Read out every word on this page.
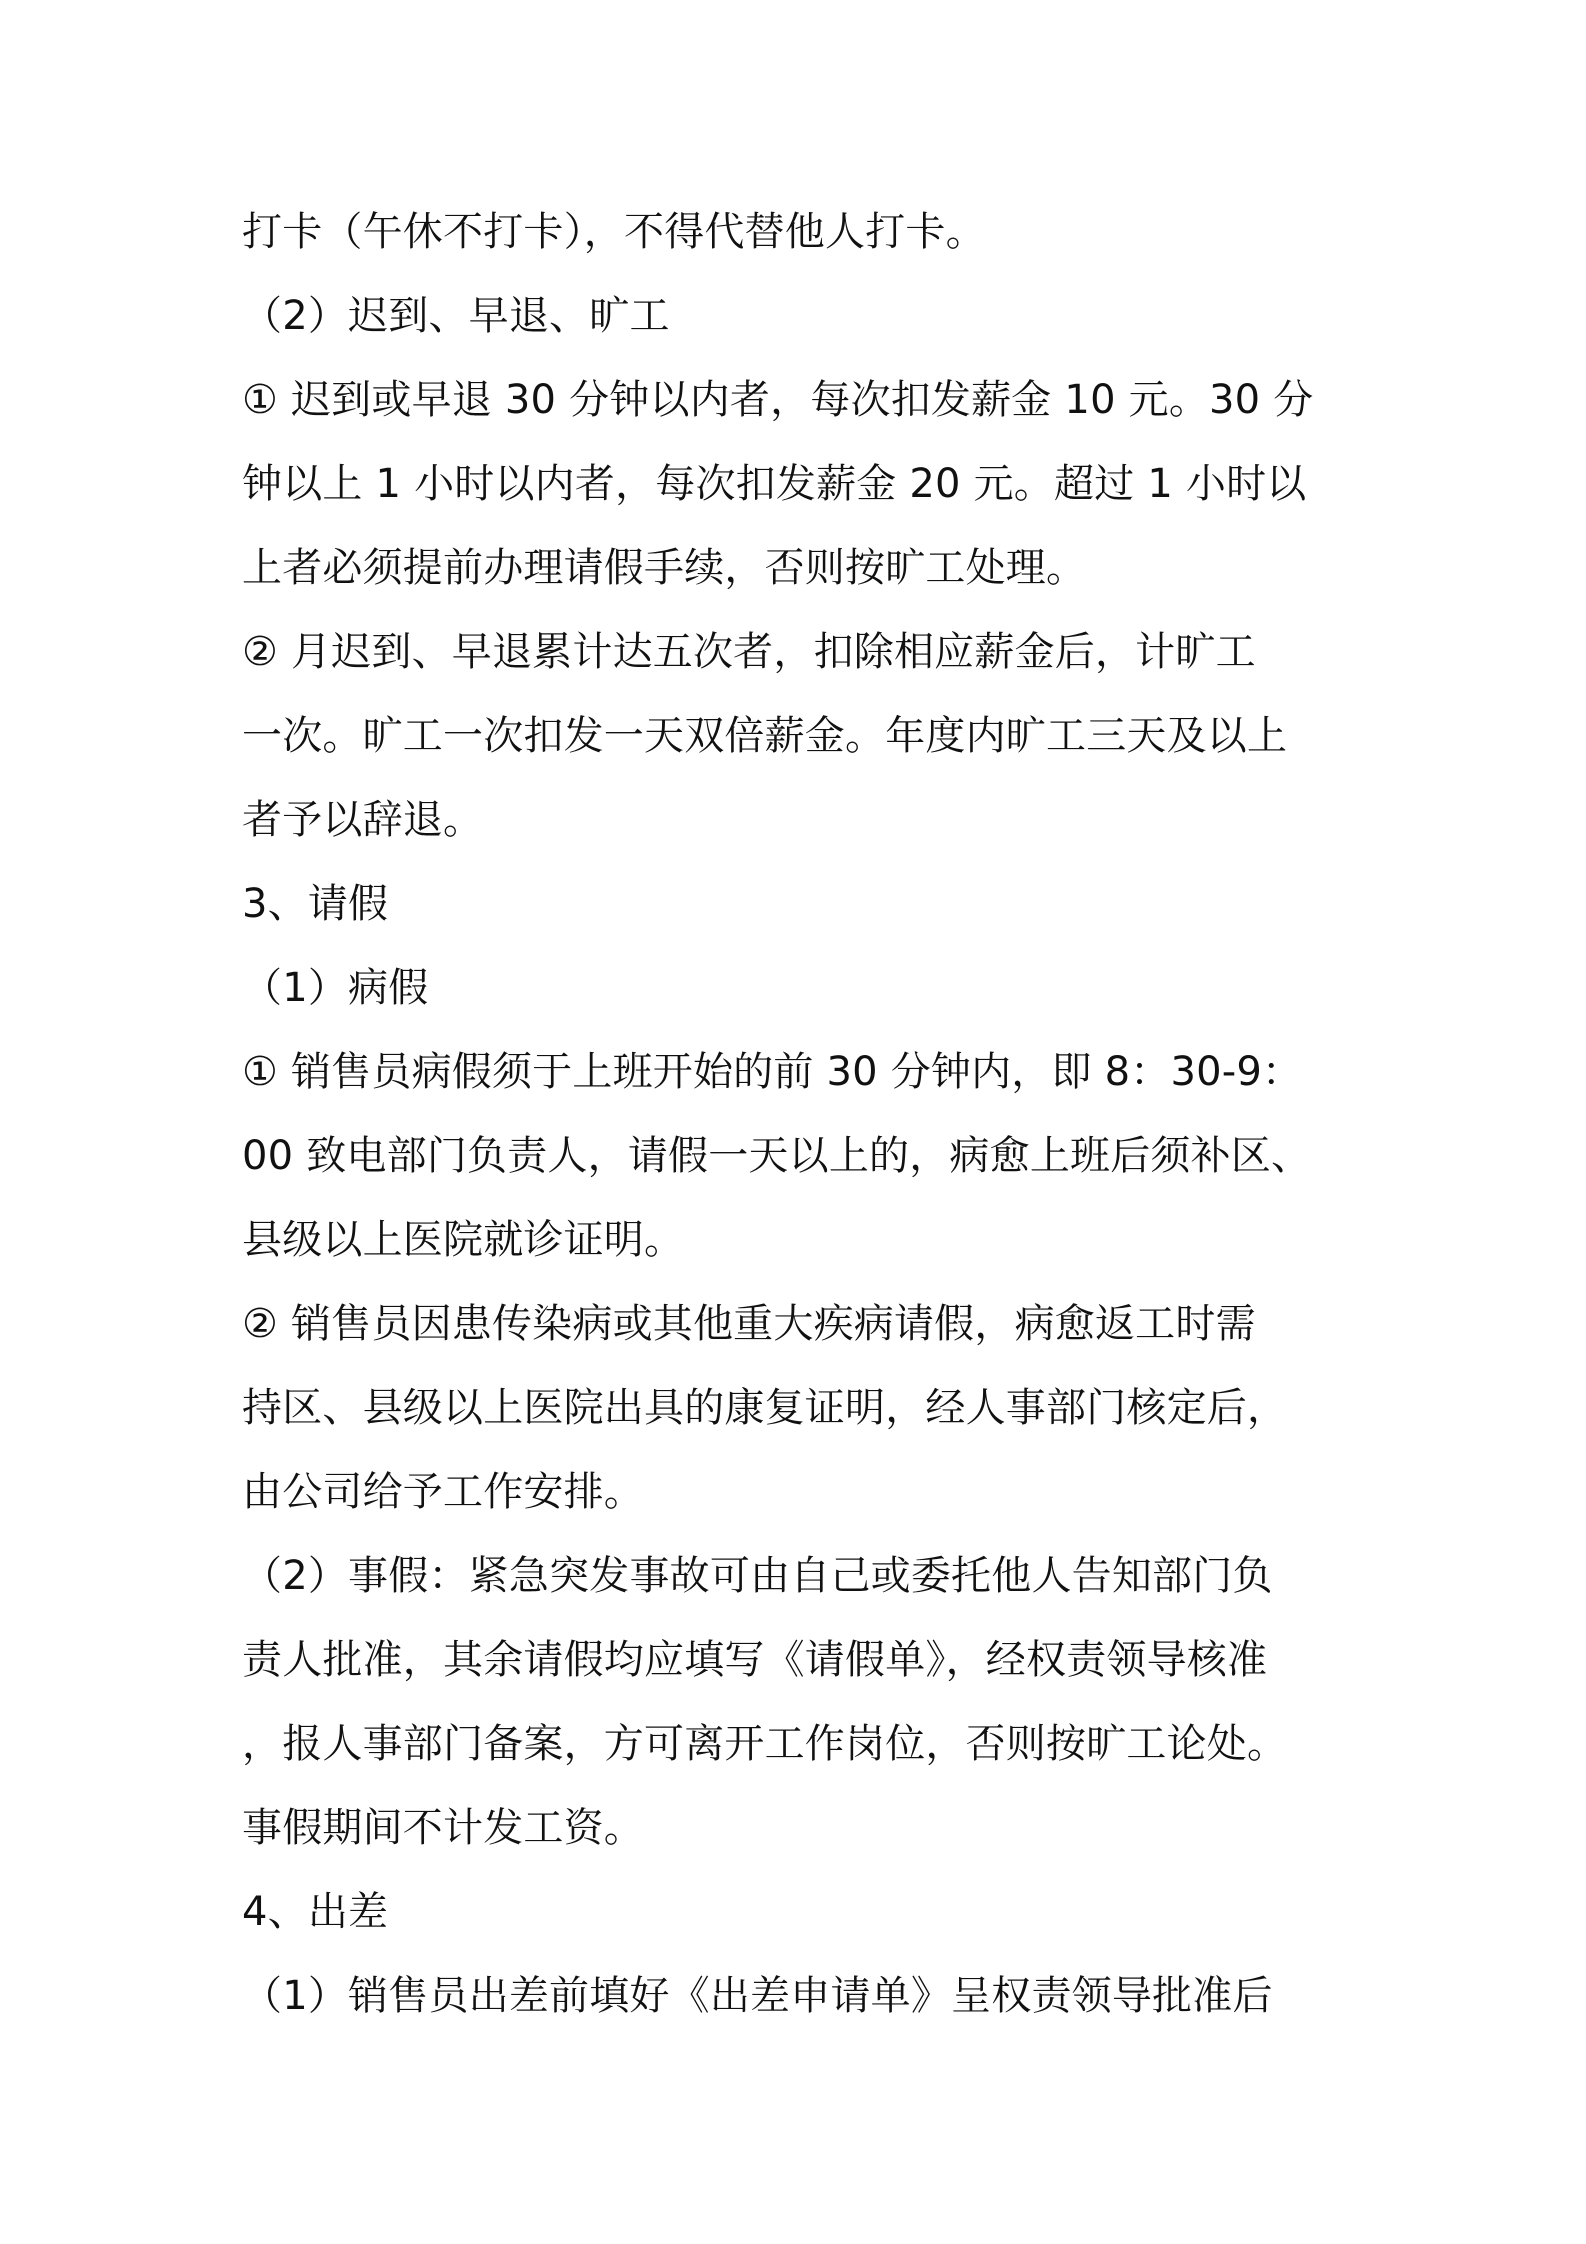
打卡（午休不打卡），不得代替他人打卡。
（2）迟到、早退、旷工
① 迟到或早退 30 分钟以内者，每次扣发薪金 10 元。30 分
钟以上 1 小时以内者，每次扣发薪金 20 元。超过 1 小时以
上者必须提前办理请假手续，否则按旷工处理。
② 月迟到、早退累计达五次者，扣除相应薪金后，计旷工
一次。旷工一次扣发一天双倍薪金。年度内旷工三天及以上
者予以辞退。
3、请假
（1）病假
① 销售员病假须于上班开始的前 30 分钟内，即 8：30-9：
00 致电部门负责人，请假一天以上的，病愈上班后须补区、
县级以上医院就诊证明。
② 销售员因患传染病或其他重大疾病请假，病愈返工时需
持区、县级以上医院出具的康复证明，经人事部门核定后，
由公司给予工作安排。
（2）事假：紧急突发事故可由自己或委托他人告知部门负
责人批准，其余请假均应填写《请假单》，经权责领导核准
，报人事部门备案，方可离开工作岗位，否则按旷工论处。
事假期间不计发工资。
4、出差
（1）销售员出差前填好《出差申请单》呈权责领导批准后
